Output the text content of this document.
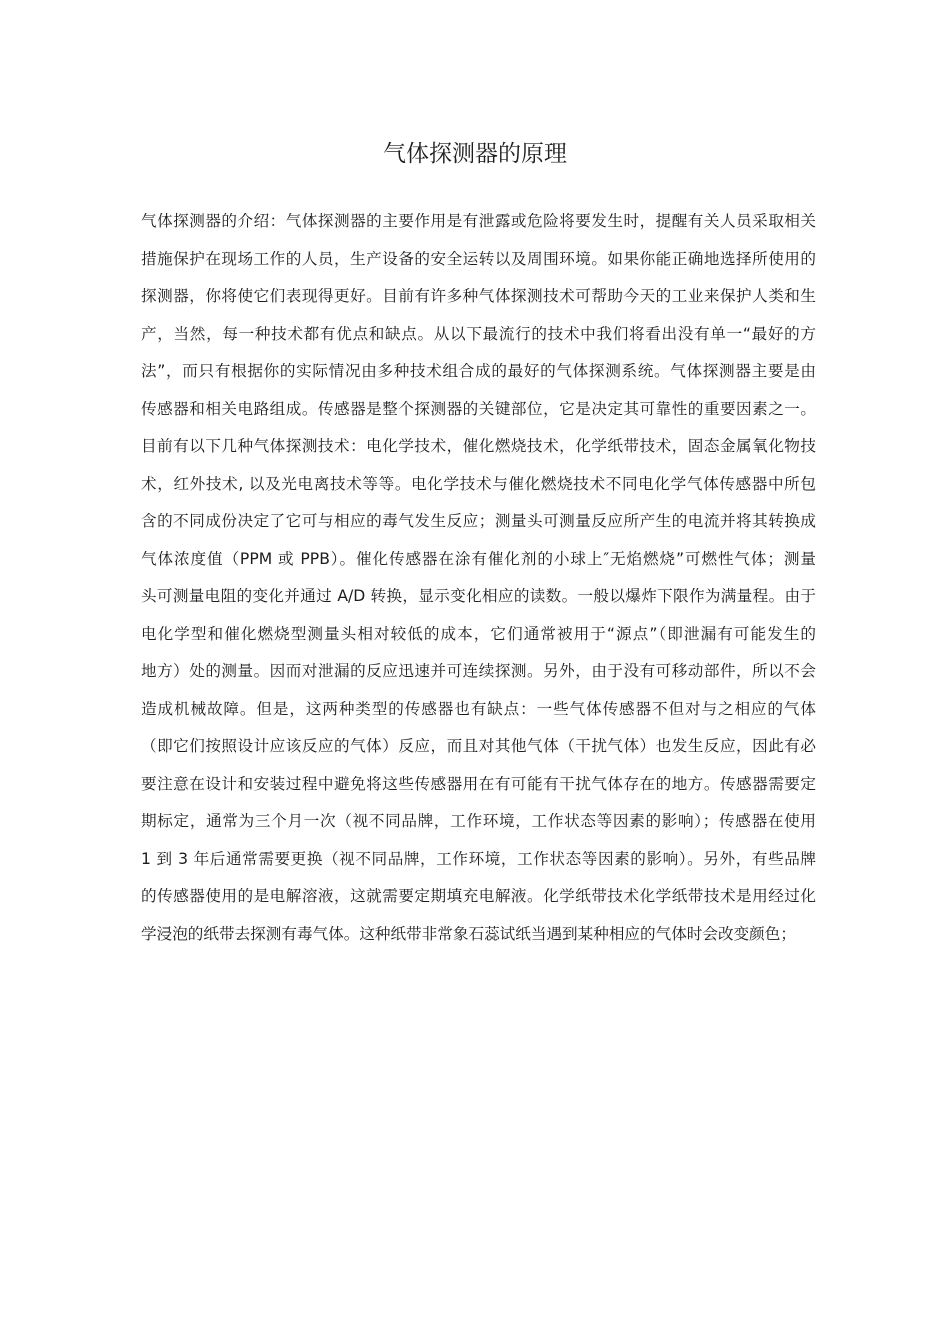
气体探测器的原理
气体探测器的介绍：气体探测器的主要作用是有泄露或危险将要发生时，提醒有关人员采取相关
措施保护在现场工作的人员，生产设备的安全运转以及周围环境。如果你能正确地选择所使用的
探测器，你将使它们表现得更好。目前有许多种气体探测技术可帮助今天的工业来保护人类和生
产，当然，每一种技术都有优点和缺点。从以下最流行的技术中我们将看出没有单一“最好的方
法”，而只有根据你的实际情况由多种技术组合成的最好的气体探测系统。气体探测器主要是由
传感器和相关电路组成。传感器是整个探测器的关键部位，它是决定其可靠性的重要因素之一。
目前有以下几种气体探测技术：电化学技术，催化燃烧技术，化学纸带技术，固态金属氧化物技
术，红外技术, 以及光电离技术等等。电化学技术与催化燃烧技术不同电化学气体传感器中所包
含的不同成份决定了它可与相应的毒气发生反应；测量头可测量反应所产生的电流并将其转换成
气体浓度值（PPM 或 PPB）。催化传感器在涂有催化剂的小球上″无焰燃烧”可燃性气体；测量
头可测量电阻的变化并通过 A/D 转换，显示变化相应的读数。一般以爆炸下限作为满量程。由于
电化学型和催化燃烧型测量头相对较低的成本，它们通常被用于“源点”（即泄漏有可能发生的
地方）处的测量。因而对泄漏的反应迅速并可连续探测。另外，由于没有可移动部件，所以不会
造成机械故障。但是，这两种类型的传感器也有缺点：一些气体传感器不但对与之相应的气体
（即它们按照设计应该反应的气体）反应，而且对其他气体（干扰气体）也发生反应，因此有必
要注意在设计和安装过程中避免将这些传感器用在有可能有干扰气体存在的地方。传感器需要定
期标定，通常为三个月一次（视不同品牌，工作环境，工作状态等因素的影响）；传感器在使用
1 到 3 年后通常需要更换（视不同品牌，工作环境，工作状态等因素的影响）。另外，有些品牌
的传感器使用的是电解溶液，这就需要定期填充电解液。化学纸带技术化学纸带技术是用经过化
学浸泡的纸带去探测有毒气体。这种纸带非常象石蕊试纸当遇到某种相应的气体时会改变颜色；
